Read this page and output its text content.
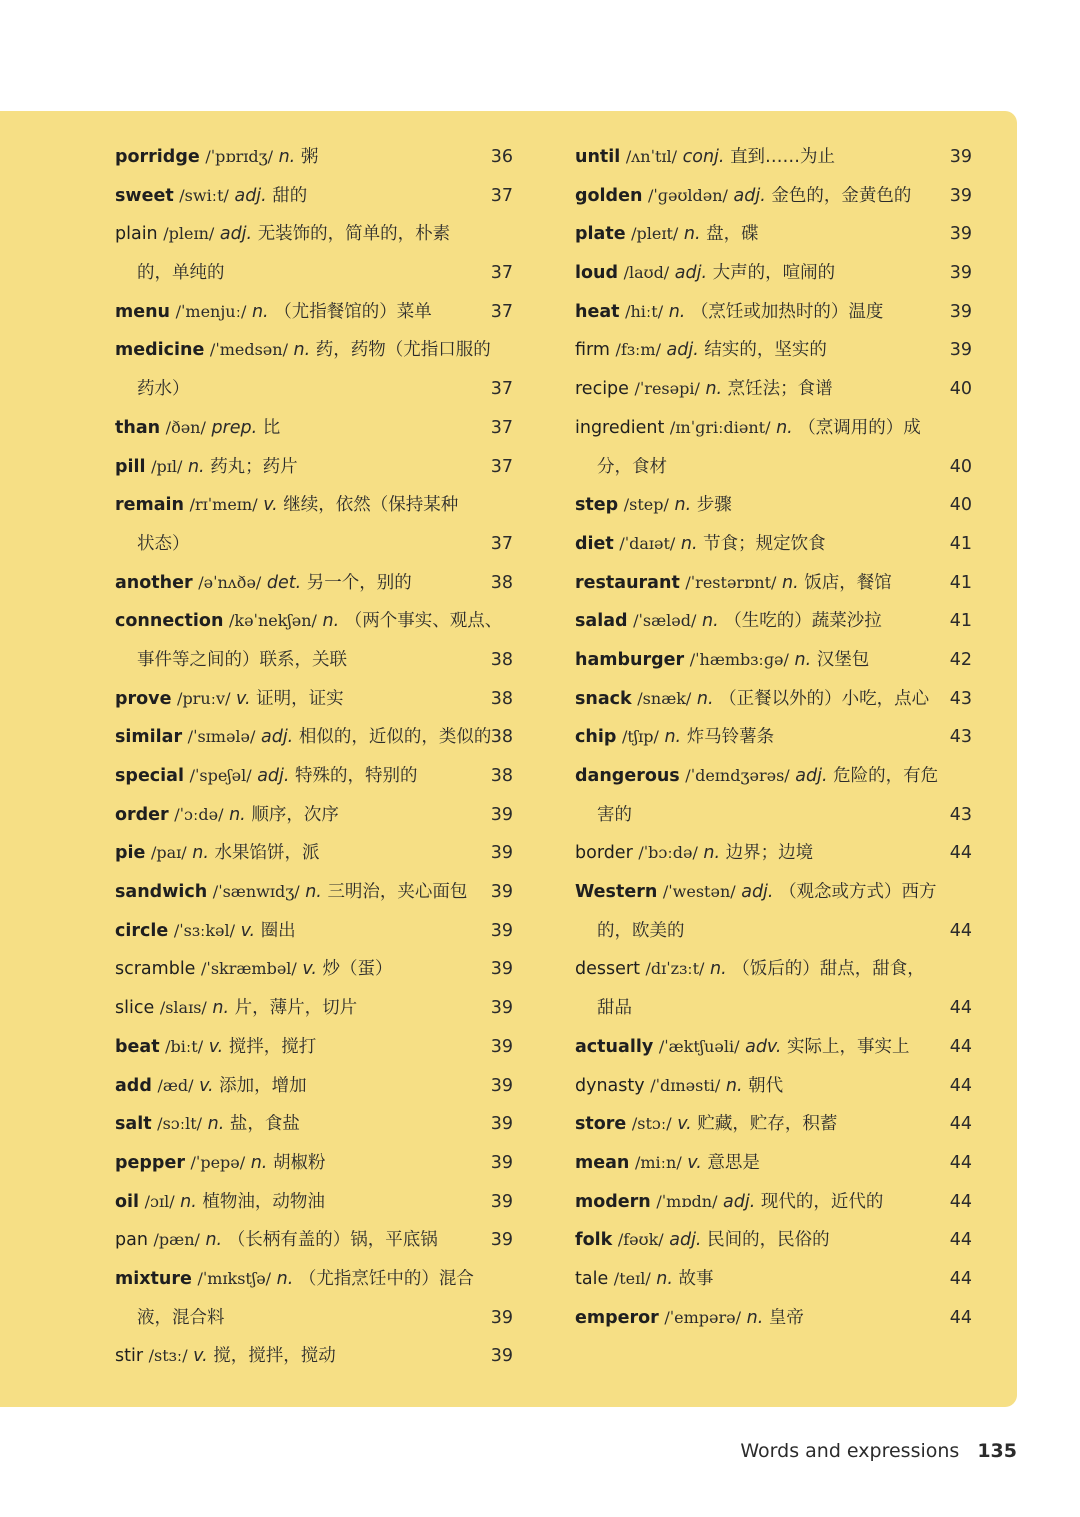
porridge /ˈpɒrɪdʒ/ n. 粥	36
sweet /swiːt/ adj. 甜的	37
plain /pleɪn/ adj. 无装饰的，简单的，朴素
的，单纯的	37
menu /ˈmenjuː/ n. （尤指餐馆的）菜单	37
medicine /ˈmedsən/ n. 药，药物（尤指口服的
药水）	37
than /ðən/ prep. 比	37
pill /pɪl/ n. 药丸；药片	37
remain /rɪˈmeɪn/ v. 继续，依然（保持某种
状态）	37
another /əˈnʌðə/ det. 另一个，别的	38
connection /kəˈnekʃən/ n. （两个事实、观点、
事件等之间的）联系，关联	38
prove /pruːv/ v. 证明，证实	38
similar /ˈsɪmələ/ adj. 相似的，近似的，类似的 38
special /ˈspeʃəl/ adj. 特殊的，特别的	38
order /ˈɔːdə/ n. 顺序，次序	39
pie /paɪ/ n. 水果馅饼，派	39
sandwich /ˈsænwɪdʒ/ n. 三明治，夹心面包 39
circle /ˈsɜːkəl/ v. 圈出	39
scramble /ˈskræmbəl/ v. 炒（蛋）	39
slice /slaɪs/ n. 片，薄片，切片	39
beat /biːt/ v. 搅拌，搅打	39
add /æd/ v. 添加，增加	39
salt /sɔːlt/ n. 盐，食盐	39
pepper /ˈpepə/ n. 胡椒粉	39
oil /ɔɪl/ n. 植物油，动物油	39
pan /pæn/ n. （长柄有盖的）锅，平底锅	39
mixture /ˈmɪkstʃə/ n. （尤指烹饪中的）混合
液，混合料	39
stir /stɜː/ v. 搅，搅拌，搅动	39
until /ʌnˈtɪl/ conj. 直到……为止	39
golden /ˈɡəʊldən/ adj. 金色的，金黄色的 39
plate /pleɪt/ n. 盘，碟	39
loud /laʊd/ adj. 大声的，喧闹的	39
heat /hiːt/ n. （烹饪或加热时的）温度	39
firm /fɜːm/ adj. 结实的，坚实的	39
recipe /ˈresəpi/ n. 烹饪法；食谱	40
ingredient /ɪnˈɡriːdiənt/ n. （烹调用的）成
分，食材	40
step /step/ n. 步骤	40
diet /ˈdaɪət/ n. 节食；规定饮食	41
restaurant /ˈrestərɒnt/ n. 饭店，餐馆	41
salad /ˈsæləd/ n. （生吃的）蔬菜沙拉	41
hamburger /ˈhæmbɜːɡə/ n. 汉堡包	42
snack /snæk/ n. （正餐以外的）小吃，点心 43
chip /tʃɪp/ n. 炸马铃薯条	43
dangerous /ˈdeɪndʒərəs/ adj. 危险的，有危
害的	43
border /ˈbɔːdə/ n. 边界；边境	44
Western /ˈwestən/ adj. （观念或方式）西方
的，欧美的	44
dessert /dɪˈzɜːt/ n. （饭后的）甜点，甜食，
甜品	44
actually /ˈæktʃuəli/ adv. 实际上，事实上 44
dynasty /ˈdɪnəsti/ n. 朝代	44
store /stɔː/ v. 贮藏，贮存，积蓄	44
mean /miːn/ v. 意思是	44
modern /ˈmɒdn/ adj. 现代的，近代的	44
folk /fəʊk/ adj. 民间的，民俗的	44
tale /teɪl/ n. 故事	44
emperor /ˈempərə/ n. 皇帝	44
Words and expressions 135
